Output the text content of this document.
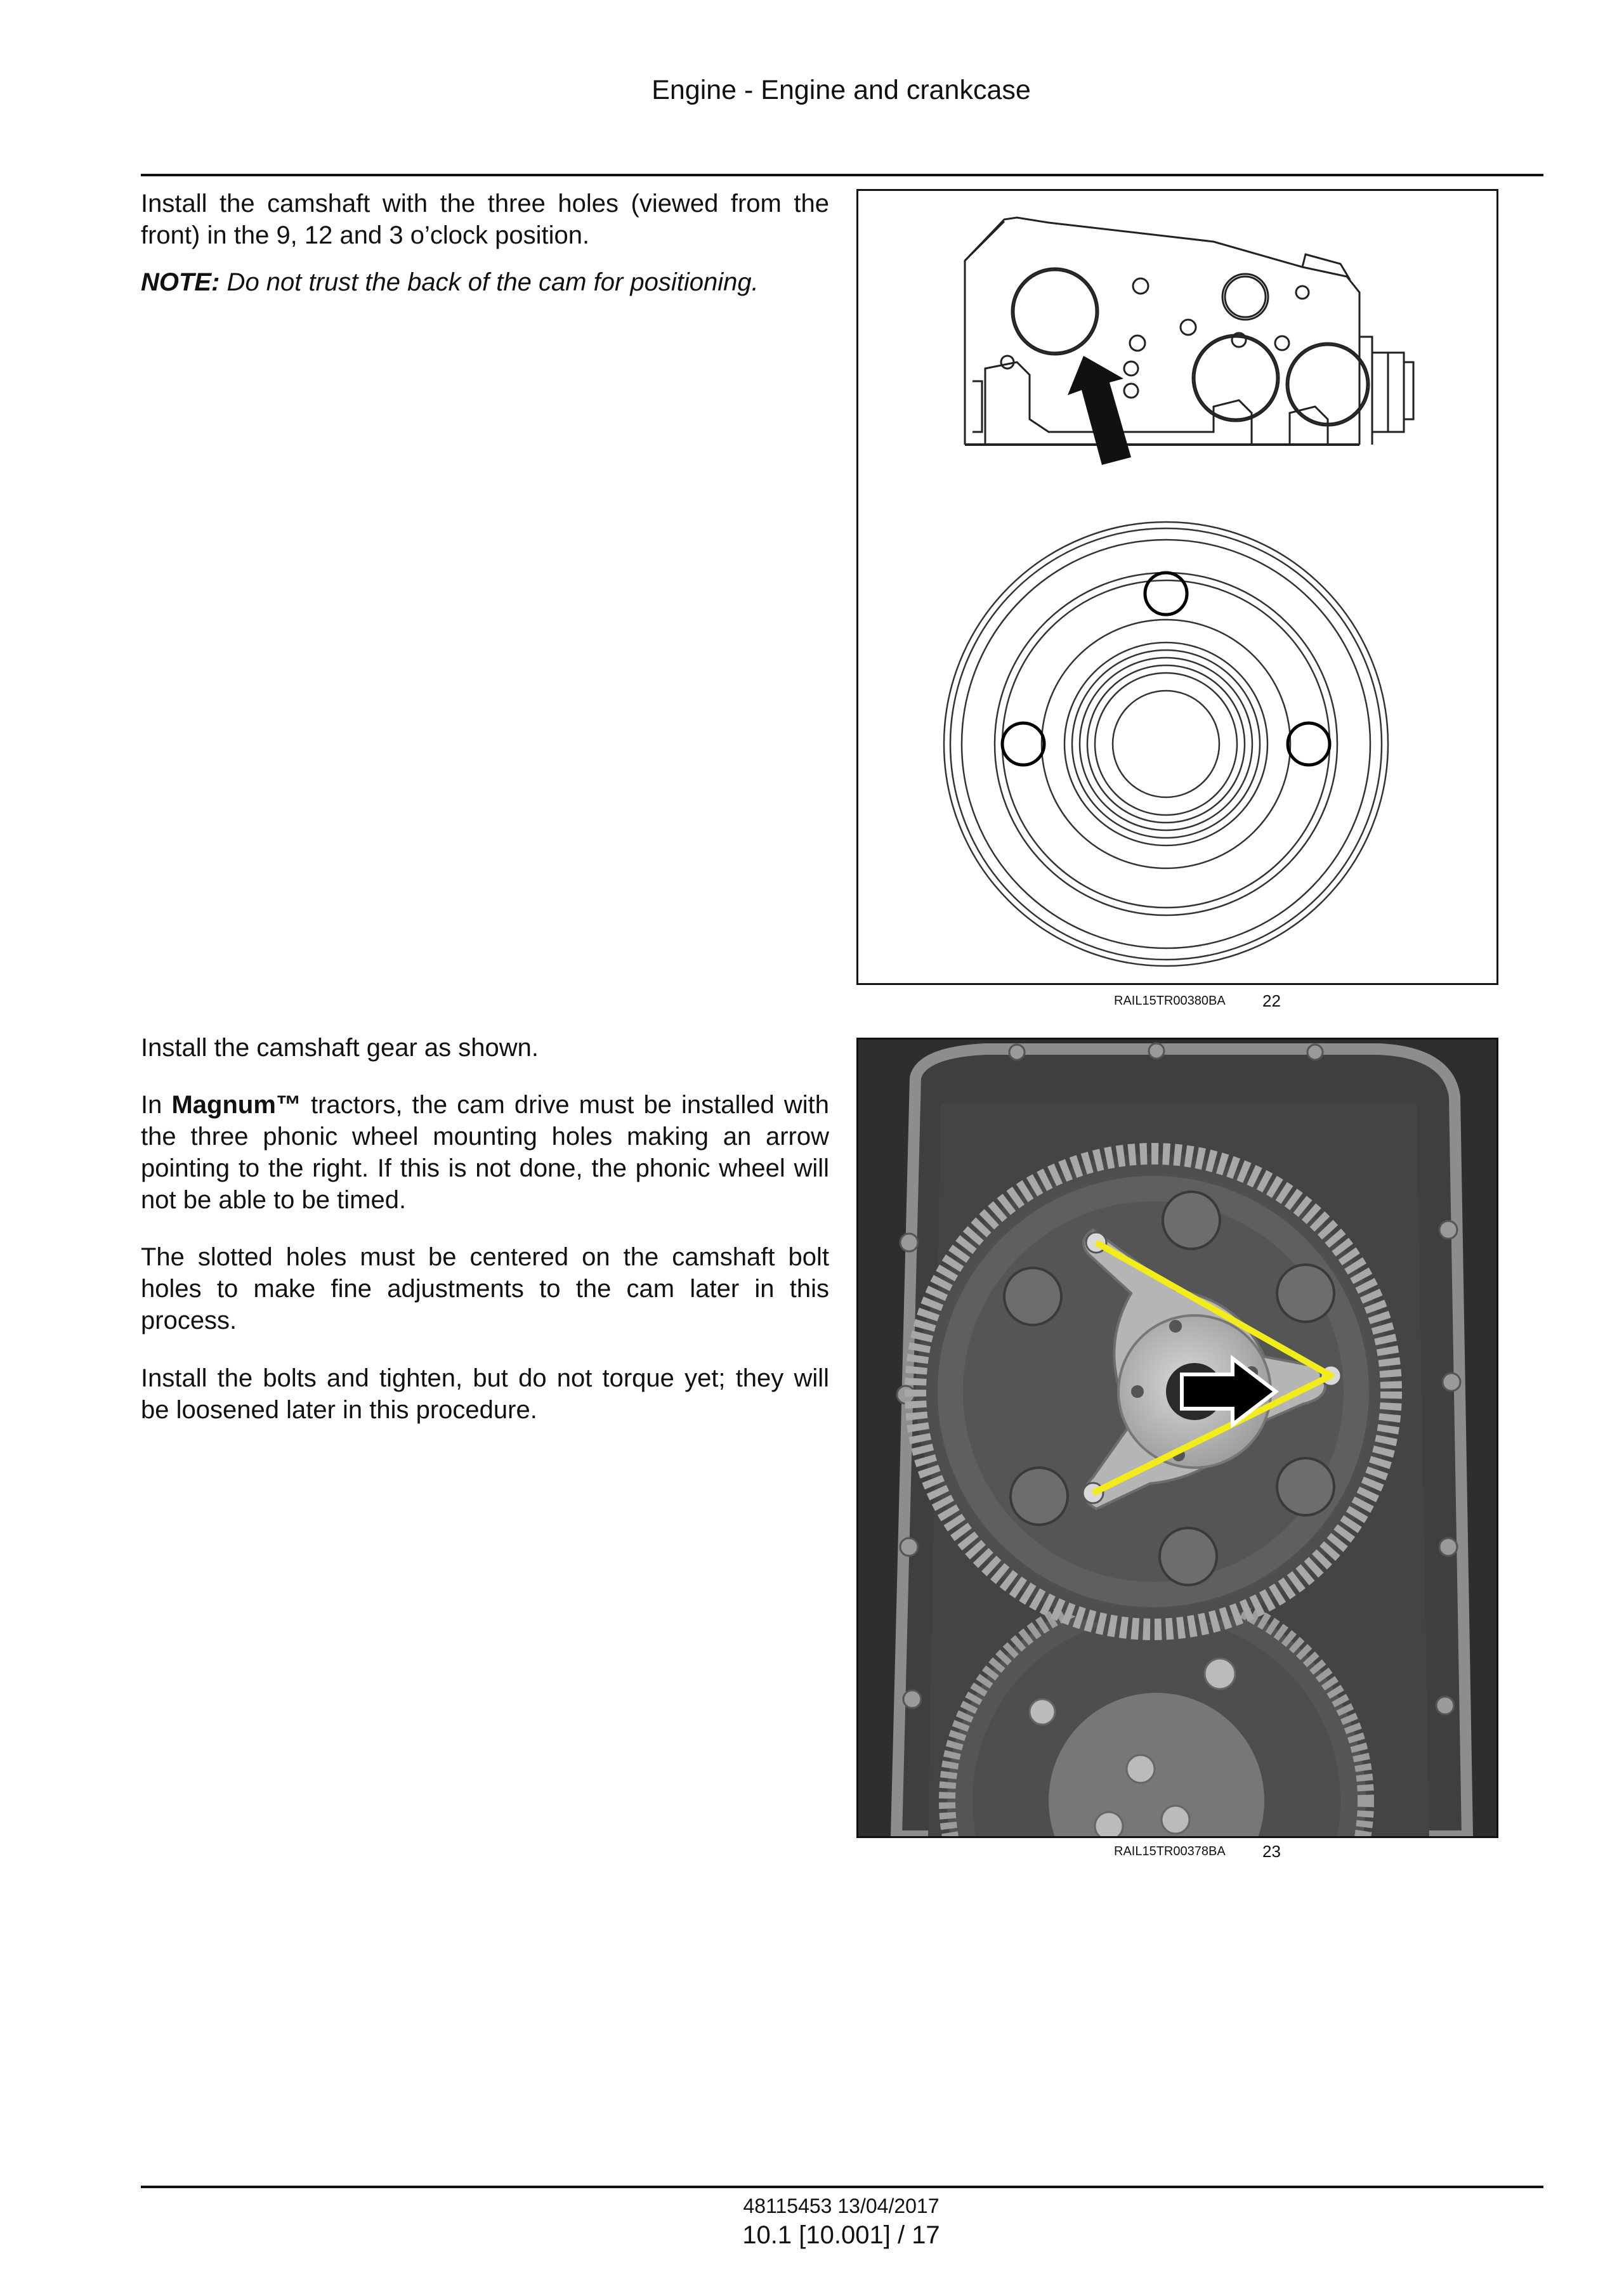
Engine - Engine and crankcase
Install the camshaft with the three holes (viewed from the front) in the 9, 12 and 3 o’clock position.
NOTE: Do not trust the back of the cam for positioning.
RAIL15TR00380BA 22
Install the camshaft gear as shown.
In Magnum™ tractors, the cam drive must be installed with the three phonic wheel mounting holes making an arrow pointing to the right. If this is not done, the phonic wheel will not be able to be timed.
The slotted holes must be centered on the camshaft bolt holes to make fine adjustments to the cam later in this process.
Install the bolts and tighten, but do not torque yet; they will be loosened later in this procedure.
RAIL15TR00378BA 23
48115453 13/04/2017
10.1 [10.001] / 17
